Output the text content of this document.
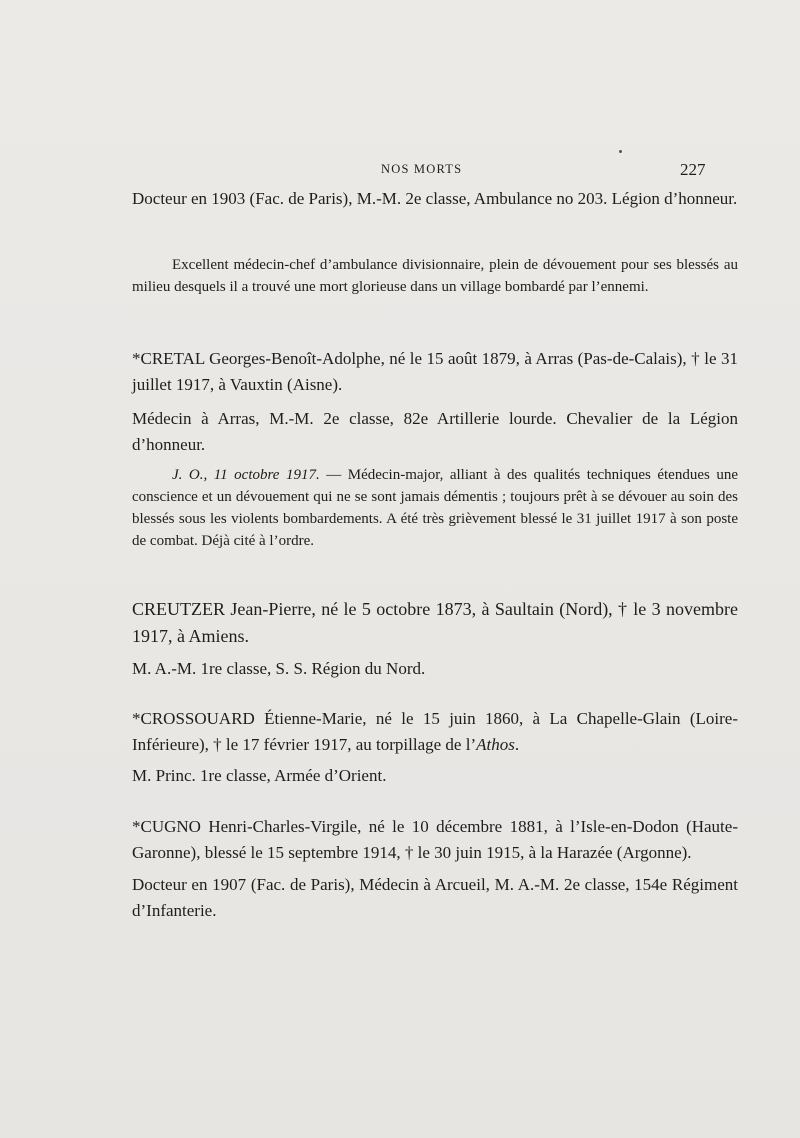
NOS MORTS	227

Docteur en 1903 (Fac. de Paris), M.-M. 2e classe, Ambulance no 203. Légion d’honneur.

Excellent médecin-chef d’ambulance divisionnaire, plein de dévouement pour ses blessés au milieu desquels il a trouvé une mort glorieuse dans un village bombardé par l’ennemi.

*CRETAL Georges-Benoît-Adolphe, né le 15 août 1879, à Arras (Pas-de-Calais), † le 31 juillet 1917, à Vauxtin (Aisne).

Médecin à Arras, M.-M. 2e classe, 82e Artillerie lourde. Chevalier de la Légion d’honneur.

J. O., 11 octobre 1917. — Médecin-major, alliant à des qualités techniques étendues une conscience et un dévouement qui ne se sont jamais démentis ; toujours prêt à se dévouer au soin des blessés sous les violents bombardements. A été très grièvement blessé le 31 juillet 1917 à son poste de combat. Déjà cité à l’ordre.

CREUTZER Jean-Pierre, né le 5 octobre 1873, à Saultain (Nord), † le 3 novembre 1917, à Amiens.

M. A.-M. 1re classe, S. S. Région du Nord.

*CROSSOUARD Étienne-Marie, né le 15 juin 1860, à La Chapelle-Glain (Loire-Inférieure), † le 17 février 1917, au torpillage de l’Athos.

M. Princ. 1re classe, Armée d’Orient.

*CUGNO Henri-Charles-Virgile, né le 10 décembre 1881, à l’Isle-en-Dodon (Haute-Garonne), blessé le 15 septembre 1914, † le 30 juin 1915, à la Harazée (Argonne).

Docteur en 1907 (Fac. de Paris), Médecin à Arcueil, M. A.-M. 2e classe, 154e Régiment d’Infanterie.
